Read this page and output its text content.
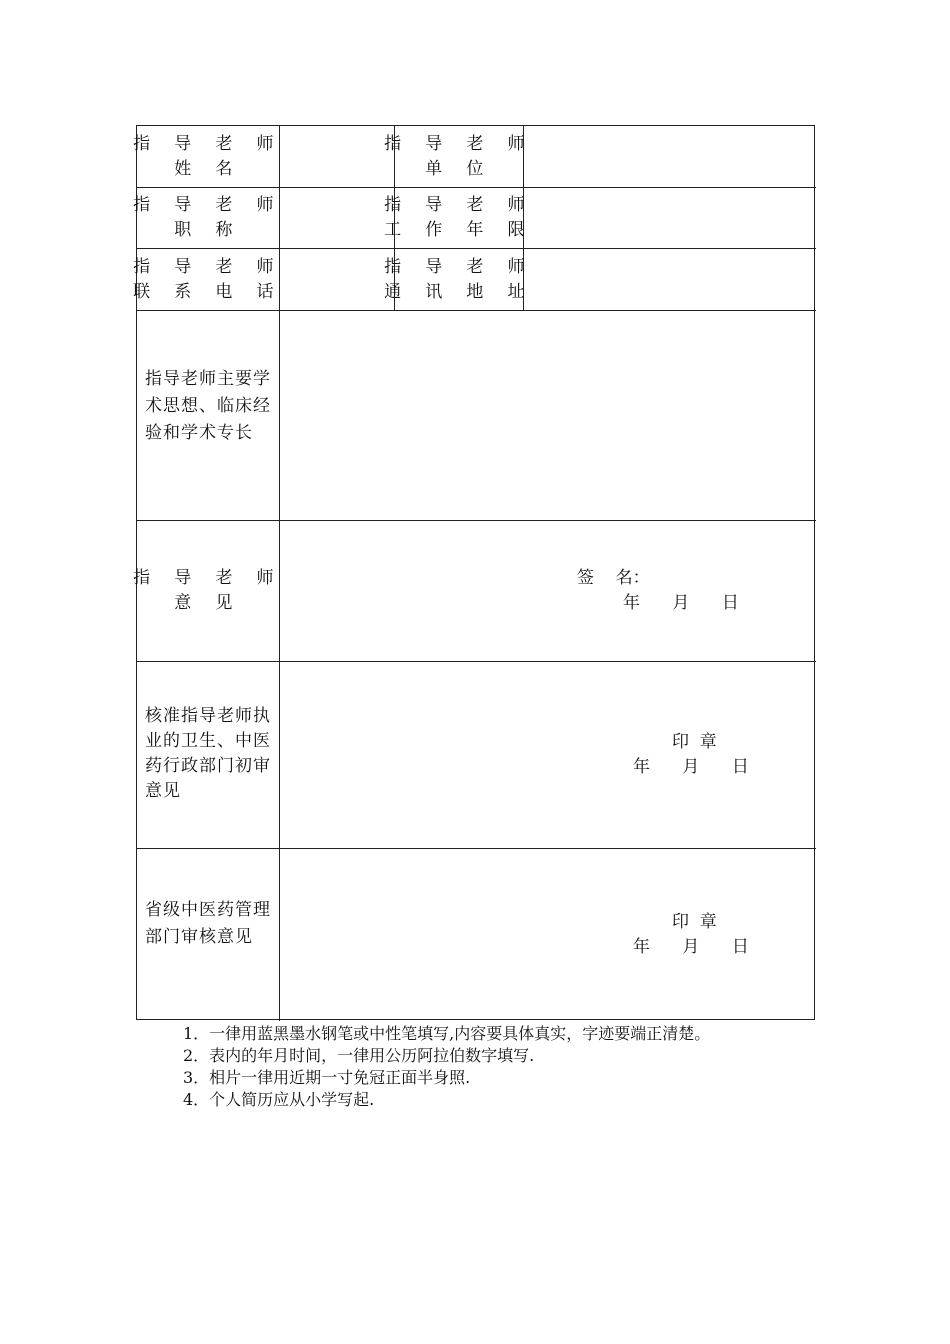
指 导 老 师
姓 名
指 导 老 师
单 位
指 导 老 师
职 称
指 导 老 师
工 作 年 限
指 导 老 师
联 系 电 话
指 导 老 师
通 讯 地 址
指导老师主要学术思想、临床经验和学术专长
指 导 老 师
意 见
签    名：
年      月      日
核准指导老师执业的卫生、中医药行政部门初审意见
印  章
年      月      日
省级中医药管理部门审核意见
印  章
年      月      日
1．一律用蓝黑墨水钢笔或中性笔填写,内容要具体真实，字迹要端正清楚。
2．表内的年月时间，一律用公历阿拉伯数字填写.
3．相片一律用近期一寸免冠正面半身照.
4．个人简历应从小学写起.
